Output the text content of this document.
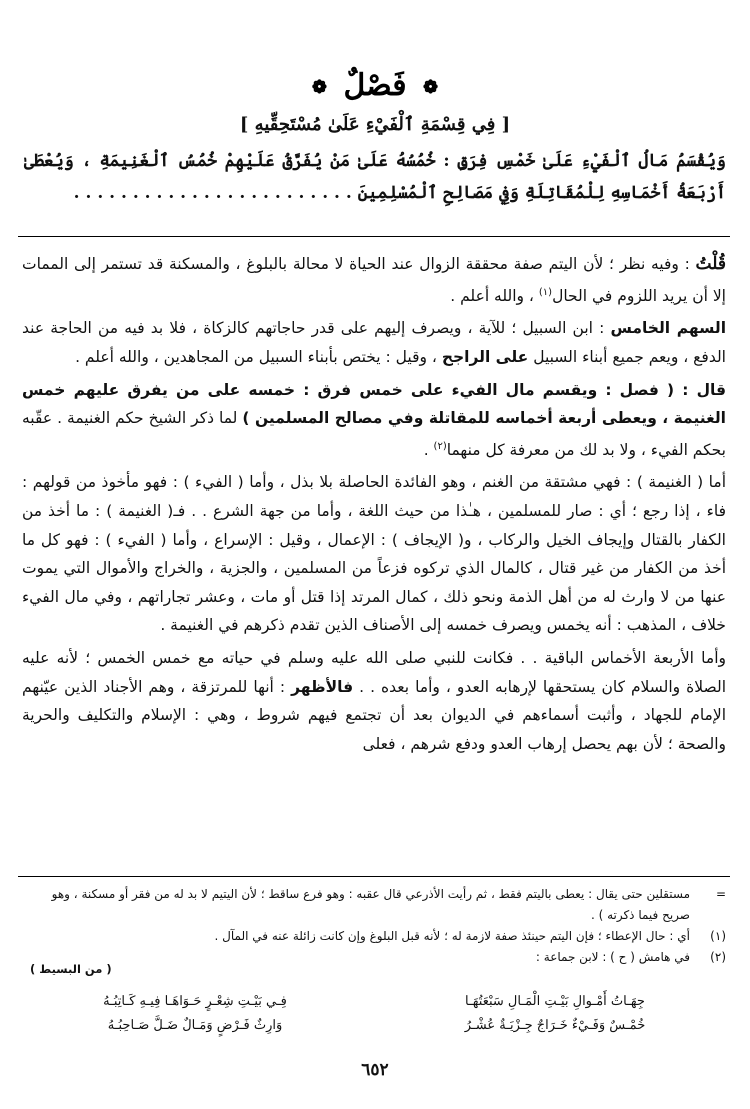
❁ فَصْلٌ ❁
[ فِي قِسْمَةِ ٱلْفَيْءِ عَلَىٰ مُسْتَحِقِّيهِ ]
وَيُقْسَمُ مَالُ ٱلْفَيْءِ عَلَىٰ خَمْسِ فِرَقٍ : خُمُسُهُ عَلَىٰ مَنْ يُفَرَّقُ عَلَيْهِمْ خُمُسُ ٱلْغَنِيمَةِ ، وَيُعْطَىٰ أَرْبَعَةُ أَخْمَاسِهِ لِلْمُقَاتِلَةِ وَفِي مَصَالِحِ ٱلْمُسْلِمِينَ . . . . . . . . . . . . . . . . . . . . . . . .

قُلْتُ : وفيه نظر ؛ لأن اليتم صفة محققة الزوال عند الحياة لا محالة بالبلوغ ، والمسكنة قد تستمر إلى الممات إلا أن يريد اللزوم في الحال$^{(١)}$ ، والله أعلم .

السهم الخامس : ابن السبيل ؛ للآية ، ويصرف إليهم على قدر حاجاتهم كالزكاة ، فلا بد فيه من الحاجة عند الدفع ، ويعم جميع أبناء السبيل على الراجح ، وقيل : يختص بأبناء السبيل من المجاهدين ، والله أعلم .

قال : ( فصل : ويقسم مال الفيء على خمس فرق : خمسه على من يفرق عليهم خمس الغنيمة ، ويعطى أربعة أخماسه للمقاتلة وفي مصالح المسلمين ) لما ذكر الشيخ حكم الغنيمة . عقّبه بحكم الفيء ، ولا بد لك من معرفة كل منهما$^{(٢)}$ .

أما ( الغنيمة ) : فهي مشتقة من الغنم ، وهو الفائدة الحاصلة بلا بذل ، وأما ( الفيء ) : فهو مأخوذ من قولهم : فاء ، إذا رجع ؛ أي : صار للمسلمين ، هـٰذا من حيث اللغة ، وأما من جهة الشرع . . فـ( الغنيمة ) : ما أخذ من الكفار بالقتال وإيجاف الخيل والركاب ، و( الإيجاف ) : الإعمال ، وقيل : الإسراع ، وأما ( الفيء ) : فهو كل ما أخذ من الكفار من غير قتال ، كالمال الذي تركوه فزعاً من المسلمين ، والجزية ، والخراج والأموال التي يموت عنها من لا وارث له من أهل الذمة ونحو ذلك ، كمال المرتد إذا قتل أو مات ، وعشر تجاراتهم ، وفي مال الفيء خلاف ، المذهب : أنه يخمس ويصرف خمسه إلى الأصناف الذين تقدم ذكرهم في الغنيمة .

وأما الأربعة الأخماس الباقية . . فكانت للنبي صلى الله عليه وسلم في حياته مع خمس الخمس ؛ لأنه عليه الصلاة والسلام كان يستحقها لإرهابه العدو ، وأما بعده . . فالأظهر : أنها للمرتزقة ، وهم الأجناد الذين عيّنهم الإمام للجهاد ، وأثبت أسماءهم في الديوان بعد أن تجتمع فيهم شروط ، وهي : الإسلام والتكليف والحرية والصحة ؛ لأن بهم يحصل إرهاب العدو ودفع شرهم ، فعلى

=
مستقلين حتى يقال : يعطى باليتم فقط ، ثم رأيت الأذرعي قال عقبه : وهو فرع ساقط ؛ لأن اليتيم لا بد له من فقر أو مسكنة ، وهو صريح فيما ذكرته ) .
(١)
أي : حال الإعطاء ؛ فإن اليتم حينئذ صفة لازمة له ؛ لأنه قبل البلوغ وإن كانت زائلة عنه في المآل .
(٢)
في هامش ( ح ) : لابن جماعة :
( من البسيط )
جِهَـاتُ أَمْـوالِ بَيْـتِ الْمَـالِ سَبْعَتُهَـا
فِـي بَيْـتِ شِعْـرٍ حَـوَاهَـا فِيـهِ كَـاتِبُـهُ
خُمْـسٌ وَفَـيْءٌ خَـرَاجٌ جِـزْيَـةٌ عُشْـرُ
وَارِثٌ فَـرْضٍ وَمَـالٌ ضَـلَّ صَـاحِبُـهُ
٦٥٢
